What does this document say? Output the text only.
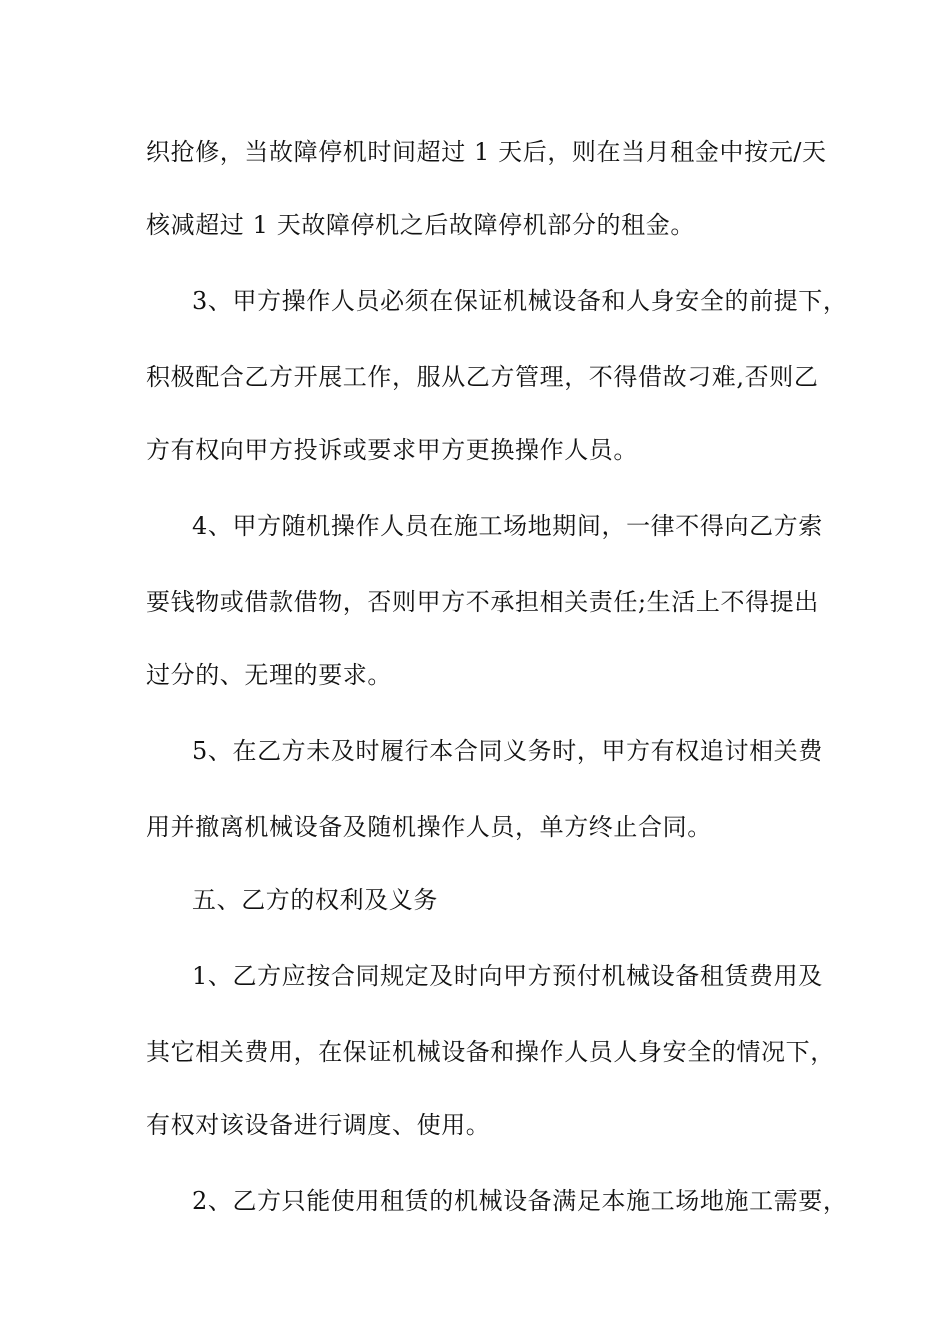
织抢修，当故障停机时间超过 1 天后，则在当月租金中按元/天
核减超过 1 天故障停机之后故障停机部分的租金。
3、甲方操作人员必须在保证机械设备和人身安全的前提下，
积极配合乙方开展工作，服从乙方管理，不得借故刁难,否则乙
方有权向甲方投诉或要求甲方更换操作人员。
4、甲方随机操作人员在施工场地期间，一律不得向乙方索
要钱物或借款借物，否则甲方不承担相关责任;生活上不得提出
过分的、无理的要求。
5、在乙方未及时履行本合同义务时，甲方有权追讨相关费
用并撤离机械设备及随机操作人员，单方终止合同。
五、乙方的权利及义务
1、乙方应按合同规定及时向甲方预付机械设备租赁费用及
其它相关费用，在保证机械设备和操作人员人身安全的情况下，
有权对该设备进行调度、使用。
2、乙方只能使用租赁的机械设备满足本施工场地施工需要，
